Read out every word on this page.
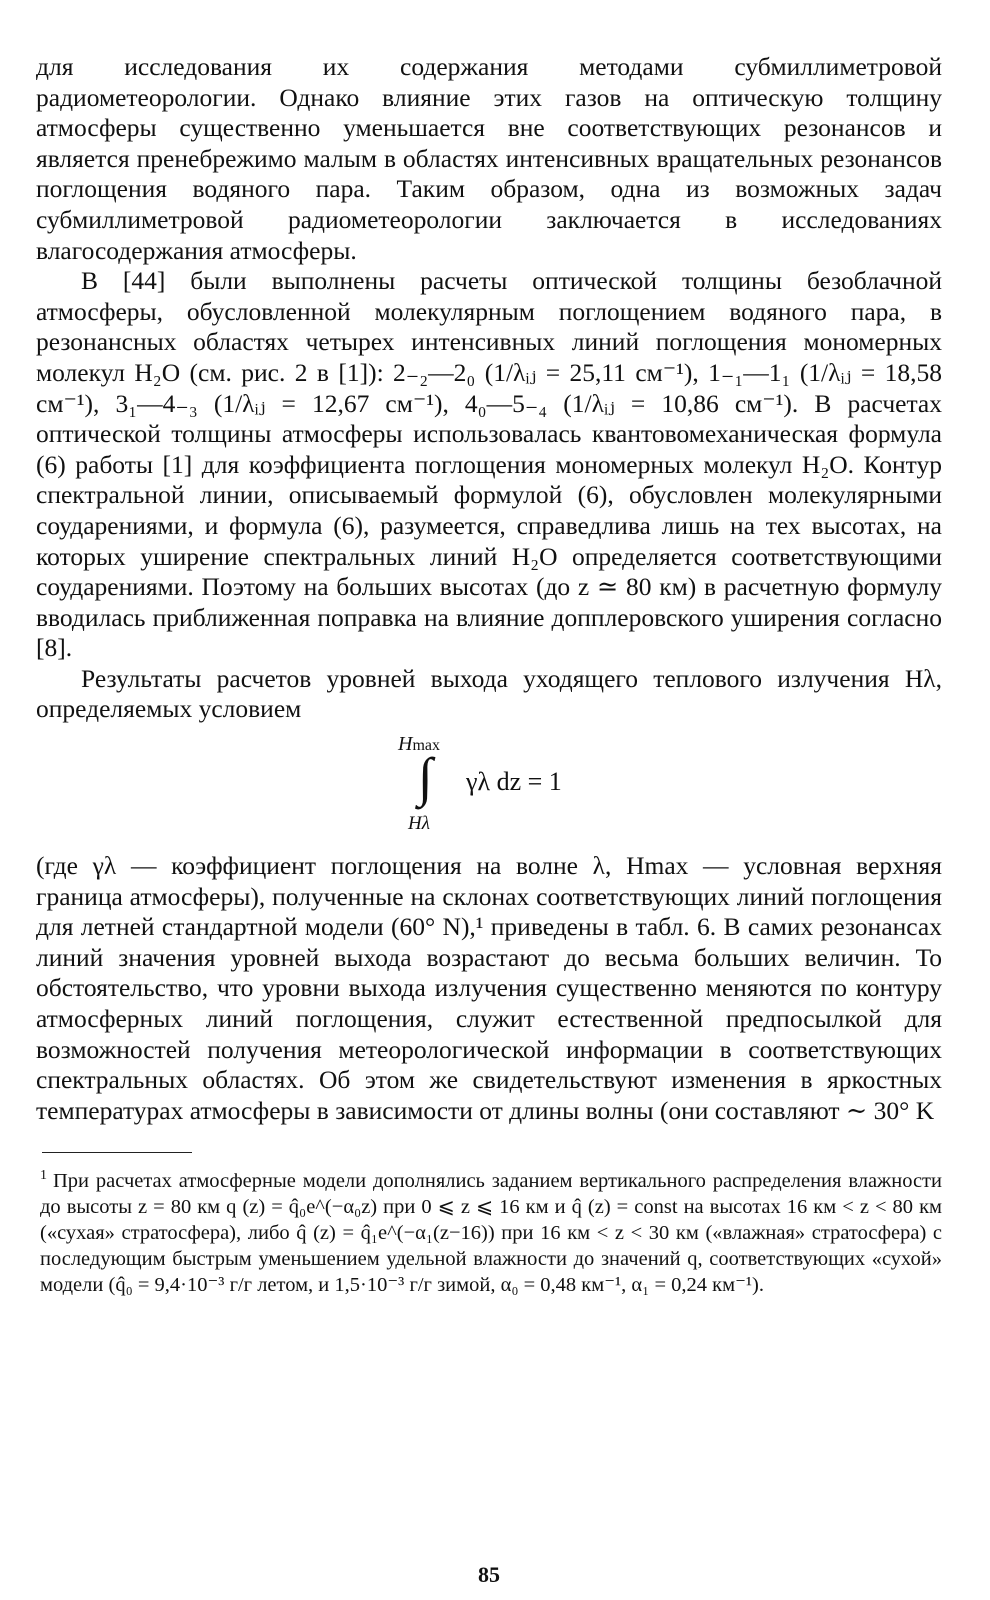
для исследования их содержания методами субмиллиметровой радиометеорологии. Однако влияние этих газов на оптическую толщину атмосферы существенно уменьшается вне соответствующих резонансов и является пренебрежимо малым в областях интенсивных вращательных резонансов поглощения водяного пара. Таким образом, одна из возможных задач субмиллиметровой радиометеорологии заключается в исследованиях влагосодержания атмосферы.

В [44] были выполнены расчеты оптической толщины безоблачной атмосферы, обусловленной молекулярным поглощением водяного пара, в резонансных областях четырех интенсивных линий поглощения мономерных молекул H₂O (см. рис. 2 в [1]): 2₋₂—2₀ (1/λᵢⱼ = 25,11 см⁻¹), 1₋₁—1₁ (1/λᵢⱼ = 18,58 см⁻¹), 3₁—4₋₃ (1/λᵢⱼ = 12,67 см⁻¹), 4₀—5₋₄ (1/λᵢⱼ = 10,86 см⁻¹). В расчетах оптической толщины атмосферы использовалась квантовомеханическая формула (6) работы [1] для коэффициента поглощения мономерных молекул H₂O. Контур спектральной линии, описываемый формулой (6), обусловлен молекулярными соударениями, и формула (6), разумеется, справедлива лишь на тех высотах, на которых уширение спектральных линий H₂O определяется соответствующими соударениями. Поэтому на больших высотах (до z ≃ 80 км) в расчетную формулу вводилась приближенная поправка на влияние допплеровского уширения согласно [8].

Результаты расчетов уровней выхода уходящего теплового излучения Hλ, определяемых условием

Hmax
∫
Hλ
γλ dz = 1

(где γλ — коэффициент поглощения на волне λ, Hmax — условная верхняя граница атмосферы), полученные на склонах соответствующих линий поглощения для летней стандартной модели (60° N),¹ приведены в табл. 6. В самих резонансах линий значения уровней выхода возрастают до весьма больших величин. То обстоятельство, что уровни выхода излучения существенно меняются по контуру атмосферных линий поглощения, служит естественной предпосылкой для возможностей получения метеорологической информации в соответствующих спектральных областях. Об этом же свидетельствуют изменения в яркостных температурах атмосферы в зависимости от длины волны (они составляют ∼ 30° K

$^1$ При расчетах атмосферные модели дополнялись заданием вертикального распределения влажности до высоты z = 80 км q (z) = q̂₀e^(−α₀z) при 0 ⩽ z ⩽ 16 км и q̂ (z) = const на высотах 16 км < z < 80 км («сухая» стратосфера), либо q̂ (z) = q̂₁e^(−α₁(z−16)) при 16 км < z < 30 км («влажная» стратосфера) с последующим быстрым уменьшением удельной влажности до значений q, соответствующих «сухой» модели (q̂₀ = 9,4·10⁻³ г/г летом, и 1,5·10⁻³ г/г зимой, α₀ = 0,48 км⁻¹, α₁ = 0,24 км⁻¹).

85
